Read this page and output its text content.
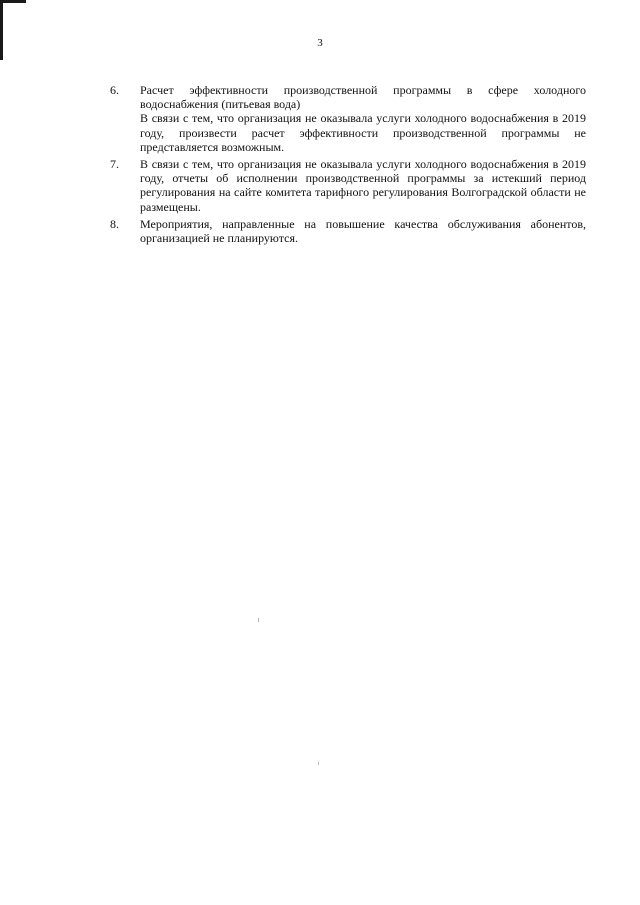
3
6.	Расчет эффективности производственной программы в сфере холодного водоснабжения (питьевая вода)

В связи с тем, что организация не оказывала услуги холодного водоснабжения в 2019 году, произвести расчет эффективности производственной программы не представляется возможным.

7.	В связи с тем, что организация не оказывала услуги холодного водоснабжения в 2019 году, отчеты об исполнении производственной программы за истекший период регулирования на сайте комитета тарифного регулирования Волгоградской области не размещены.

8.	Мероприятия, направленные на повышение качества обслуживания абонентов, организацией не планируются.
